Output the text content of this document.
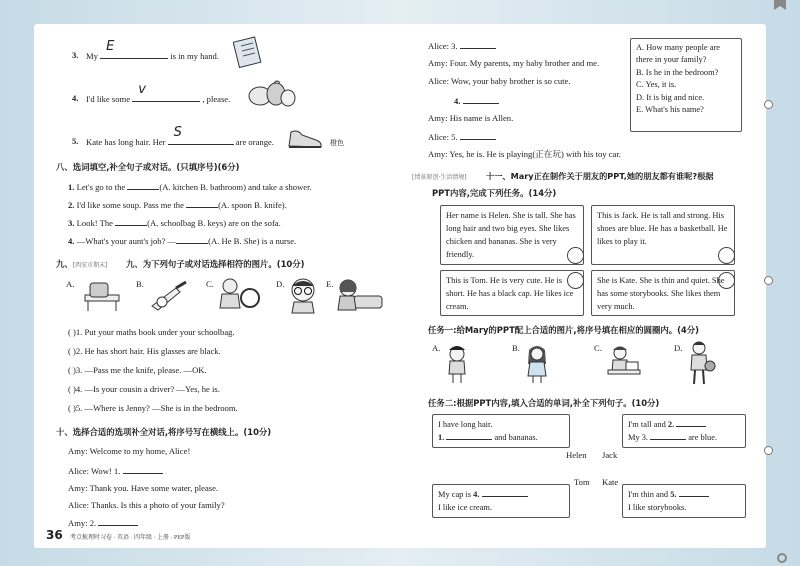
3. My
E
is in my hand.
4. I'd like some
v
, please.
5. Kate has long hair. Her
S
are orange.	橙色
八、选词填空,补全句子或对话。(只填序号)(6分)
1. Let's go to the	(A. kitchen B. bathroom) and take a shower.
2. I'd like some soup. Pass me the	(A. spoon B. knife).
3. Look! The	(A. schoolbag B. keys) are on the sofa.
4. —What's your aunt's job? —	(A. He B. She) is a nurse.
九、[西安市期末] 九、为下列句子或对话选择相符的图片。(10分)
A.	B.	C.	D.	E.
( )1. Put your maths book under your schoolbag.
( )2. He has short hair. His glasses are black.
( )3. —Pass me the knife, please. —OK.
( )4. —Is your cousin a driver? —Yes, he is.
( )5. —Where is Jenny? —She is in the bedroom.
十、选择合适的选项补全对话,将序号写在横线上。(10分)
Amy: Welcome to my home, Alice!
Alice: Wow! 1.
Amy: Thank you. Have some water, please.
Alice: Thanks. Is this a photo of your family?
Amy: 2.
36 考点梳理时习卷 · 英语 · 四年级 · 上册 · PEP版
Alice: 3.
Amy: Four. My parents, my baby brother and me.
Alice: Wow, your baby brother is so cute.
4.
Amy: His name is Allen.
Alice: 5.
Amy: Yes, he is. He is playing(正在玩) with his toy car.
A. How many people are there in your family?
B. Is he in the bedroom?
C. Yes, it is.
D. It is big and nice.
E. What's his name?
[情景原创·生活情境] 十一、Mary正在制作关于朋友的PPT,她的朋友都有谁呢?根据
PPT内容,完成下列任务。(14分)
Her name is Helen. She is tall. She has long hair and two big eyes. She likes chicken and bananas. She is very friendly.
This is Jack. He is tall and strong. His shoes are blue. He has a basketball. He likes to play it.
This is Tom. He is very cute. He is short. He has a black cap. He likes ice cream.
She is Kate. She is thin and quiet. She has some storybooks. She likes them very much.
任务一:给Mary的PPT配上合适的图片,将序号填在相应的圆圈内。(4分)
A.	B.	C.	D.
任务二:根据PPT内容,填入合适的单词,补全下列句子。(10分)
I have long hair.
1.	and bananas.
I'm tall and 2.
My 3.	are blue.
Helen Jack
Tom Kate
My cap is 4.
I like ice cream.
I'm thin and 5.
I like storybooks.
